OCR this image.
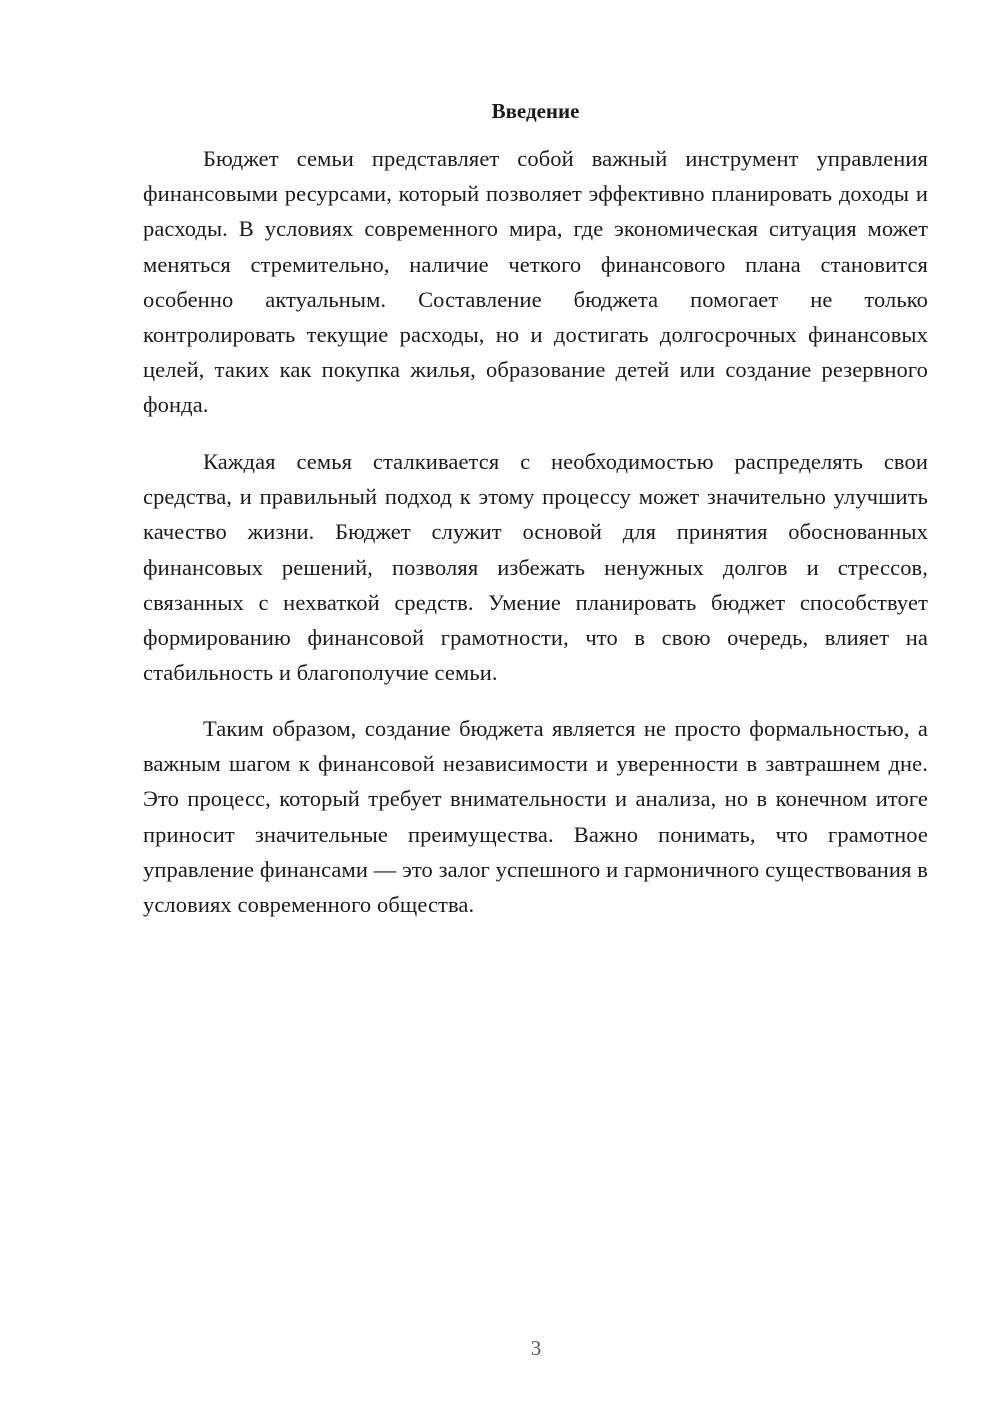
Введение

Бюджет семьи представляет собой важный инструмент управления финансовыми ресурсами, который позволяет эффективно планировать доходы и расходы. В условиях современного мира, где экономическая ситуация может меняться стремительно, наличие четкого финансового плана становится особенно актуальным. Составление бюджета помогает не только контролировать текущие расходы, но и достигать долгосрочных финансовых целей, таких как покупка жилья, образование детей или создание резервного фонда.

Каждая семья сталкивается с необходимостью распределять свои средства, и правильный подход к этому процессу может значительно улучшить качество жизни. Бюджет служит основой для принятия обоснованных финансовых решений, позволяя избежать ненужных долгов и стрессов, связанных с нехваткой средств. Умение планировать бюджет способствует формированию финансовой грамотности, что в свою очередь, влияет на стабильность и благополучие семьи.

Таким образом, создание бюджета является не просто формальностью, а важным шагом к финансовой независимости и уверенности в завтрашнем дне. Это процесс, который требует внимательности и анализа, но в конечном итоге приносит значительные преимущества. Важно понимать, что грамотное управление финансами — это залог успешного и гармоничного существования в условиях современного общества.

3
